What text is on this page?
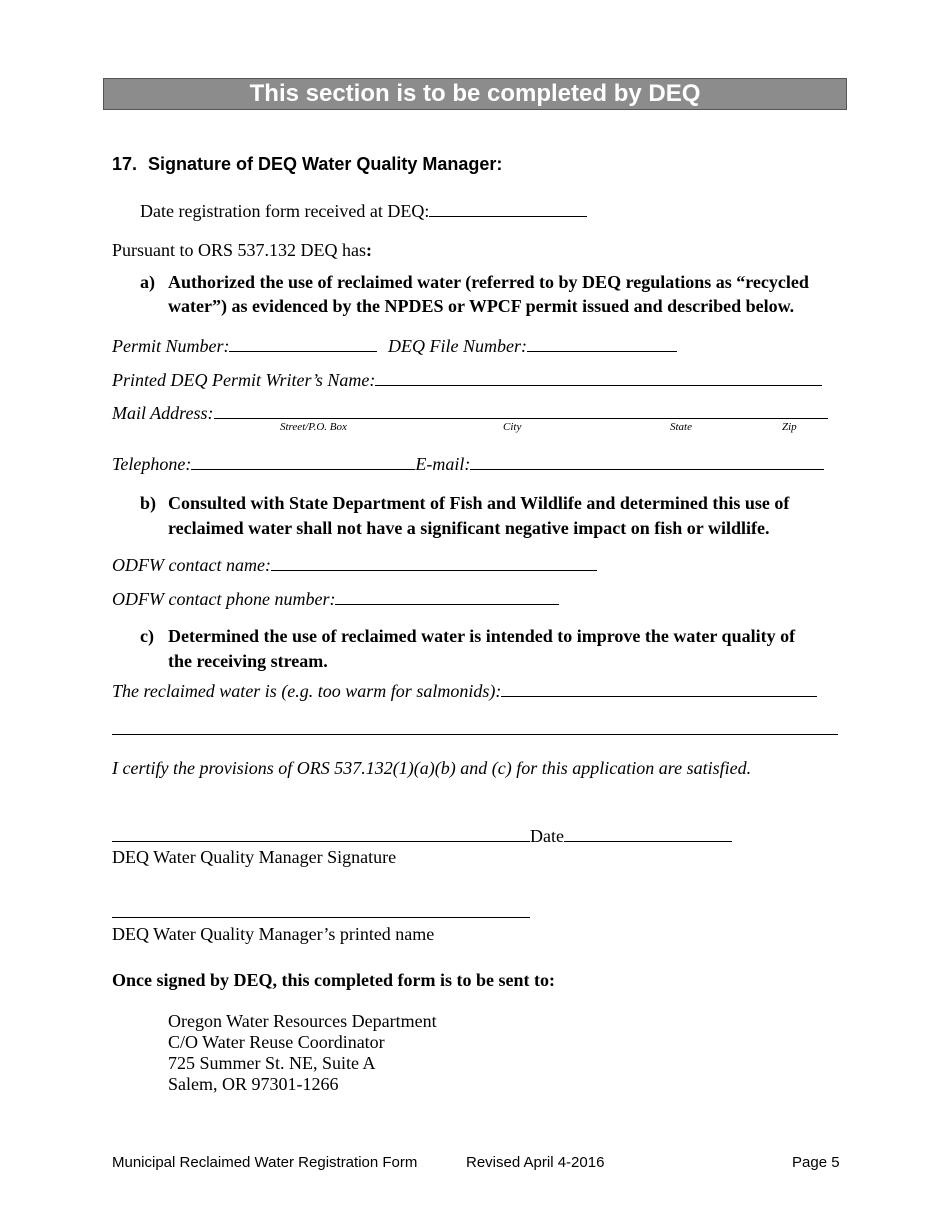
This section is to be completed by DEQ
17. Signature of DEQ Water Quality Manager:
Date registration form received at DEQ:
Pursuant to ORS 537.132 DEQ has:
a) Authorized the use of reclaimed water (referred to by DEQ regulations as “recycled
water”) as evidenced by the NPDES or WPCF permit issued and described below.
Permit Number:	DEQ File Number:
Printed DEQ Permit Writer’s Name:
Mail Address:
Street/P.O. Box	City	State	Zip
Telephone:	E-mail:
b) Consulted with State Department of Fish and Wildlife and determined this use of
reclaimed water shall not have a significant negative impact on fish or wildlife.
ODFW contact name:
ODFW contact phone number:
c) Determined the use of reclaimed water is intended to improve the water quality of
the receiving stream.
The reclaimed water is (e.g. too warm for salmonids):
I certify the provisions of ORS 537.132(1)(a)(b) and (c) for this application are satisfied.
Date
DEQ Water Quality Manager Signature
DEQ Water Quality Manager’s printed name
Once signed by DEQ, this completed form is to be sent to:
Oregon Water Resources Department
C/O Water Reuse Coordinator
725 Summer St. NE, Suite A
Salem, OR 97301-1266
Municipal Reclaimed Water Registration Form	Revised April 4-2016	Page 5
